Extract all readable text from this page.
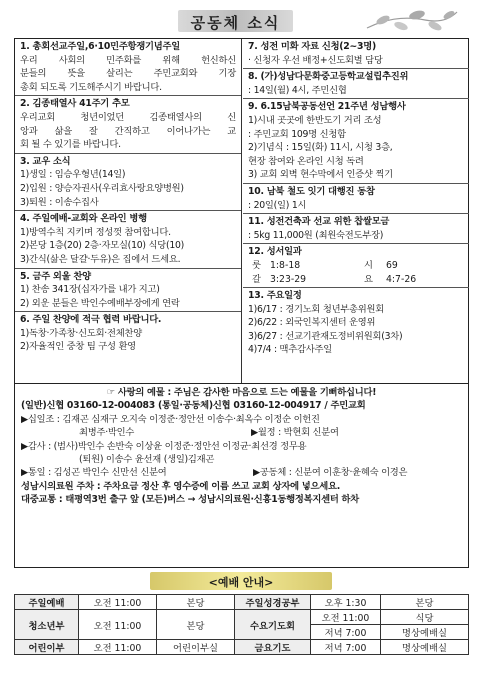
공동체 소식
1. 총회선교주일,6·10민주항쟁기념주일
우리 사회의 민주화를 위해 헌신하신
분들의 뜻을 살리는 주민교회와 기장
총회 되도록 기도해주시기 바랍니다.
2. 김종태열사 41주기 추모
우리교회 청년이었던 김종태열사의 신
앙과 삶을 잘 간직하고 이어나가는 교
회 될 수 있기를 바랍니다.
3. 교우 소식
1)생일 : 임승우형년(14일)
2)입원 : 양승자권사(우리효사랑요양병원)
3)퇴원 : 이송수집사
4. 주일예배-교회와 온라인 병행
1)방역수칙 지키며 정성껏 참여합니다.
2)본당 1층(20) 2층·자모실(10) 식당(10)
3)간식(삶은 달걀·두유)은 집에서 드세요.
5. 금주 외울 찬양
1) 찬송 341장(십자가를 내가 지고)
2) 외운 분들은 박인수예배부장에게 연락
6. 주일 찬양에 적극 협력 바랍니다.
1)독창·가족창·신도회·전체찬양
2)자율적인 중창 팀 구성 환영
7. 성전 미화 자료 신청(2~3명)
· 신청자 우선 배정+신도회별 담당
8. (가)성남다문화중고등학교설립추진위
: 14일(월) 4시, 주민신협
9. 6.15남북공동선언 21주년 성남행사
1)시내 곳곳에 한반도기 거리 조성
: 주민교회 109명 신청함
2)기념식 : 15일(화) 11시, 시청 3층,
현장 참여와 온라인 시청 독려
3) 교회 외벽 현수막에서 인증샷 찍기
10. 남북 철도 잇기 대행진 동참
: 20일(일) 1시
11. 성전건축과 선교 위한 찹쌀모금
: 5kg 11,000원 (최원숙전도부장)
12. 성서일과
룻 1:8-18	시	69
갈 3:23-29	요	4:7-26
13. 주요일정
1)6/17 : 경기노회 청년부총위원회
2)6/22 : 외국인복지센터 운영위
3)6/27 : 선교기관재도정비위원회(3차)
4)7/4 : 맥추감사주일
☞ 사랑의 예물 : 주님은 감사한 마음으로 드는 예물을 기뻐하십니다!
(일반)신협 03160-12-004083 (통일·공동체)신협 03160-12-004917 / 주민교회
▶십일조 : 김재곤 심재구 오지숙 이정준·정안선 이송수·최옥수 이정순 이헌진
최병주·박인수	▶월정 : 박현회 신분여
▶감사 : (범사)박인수 손반숙 이상윤 이정준·정안선 이정균·최선경 정무용
(퇴원) 이송수 윤선재 (생일)김재곤
▶통일 : 김성곤 박인수 신만선 신분여	▶공동체 : 신분여 이훈창·윤혜숙 이경은
성남시의료원 주차 : 주차요금 정산 후 영수증에 이름 쓰고 교회 상자에 넣으세요.
대중교통 : 태평역3번 출구 앞 (모든)버스 → 성남시의료원·신흥1동행정복지센터 하차
<예배 안내>
주일예배	오전 11:00	본당	주일성경공부	오후 1:30	본당
청소년부	오전 11:00	본당	수요기도회	오전 11:00	식당
				저녁 7:00	명상예배실
어린이부	오전 11:00	어린이부실	금요기도	저녁 7:00	명상예배실
